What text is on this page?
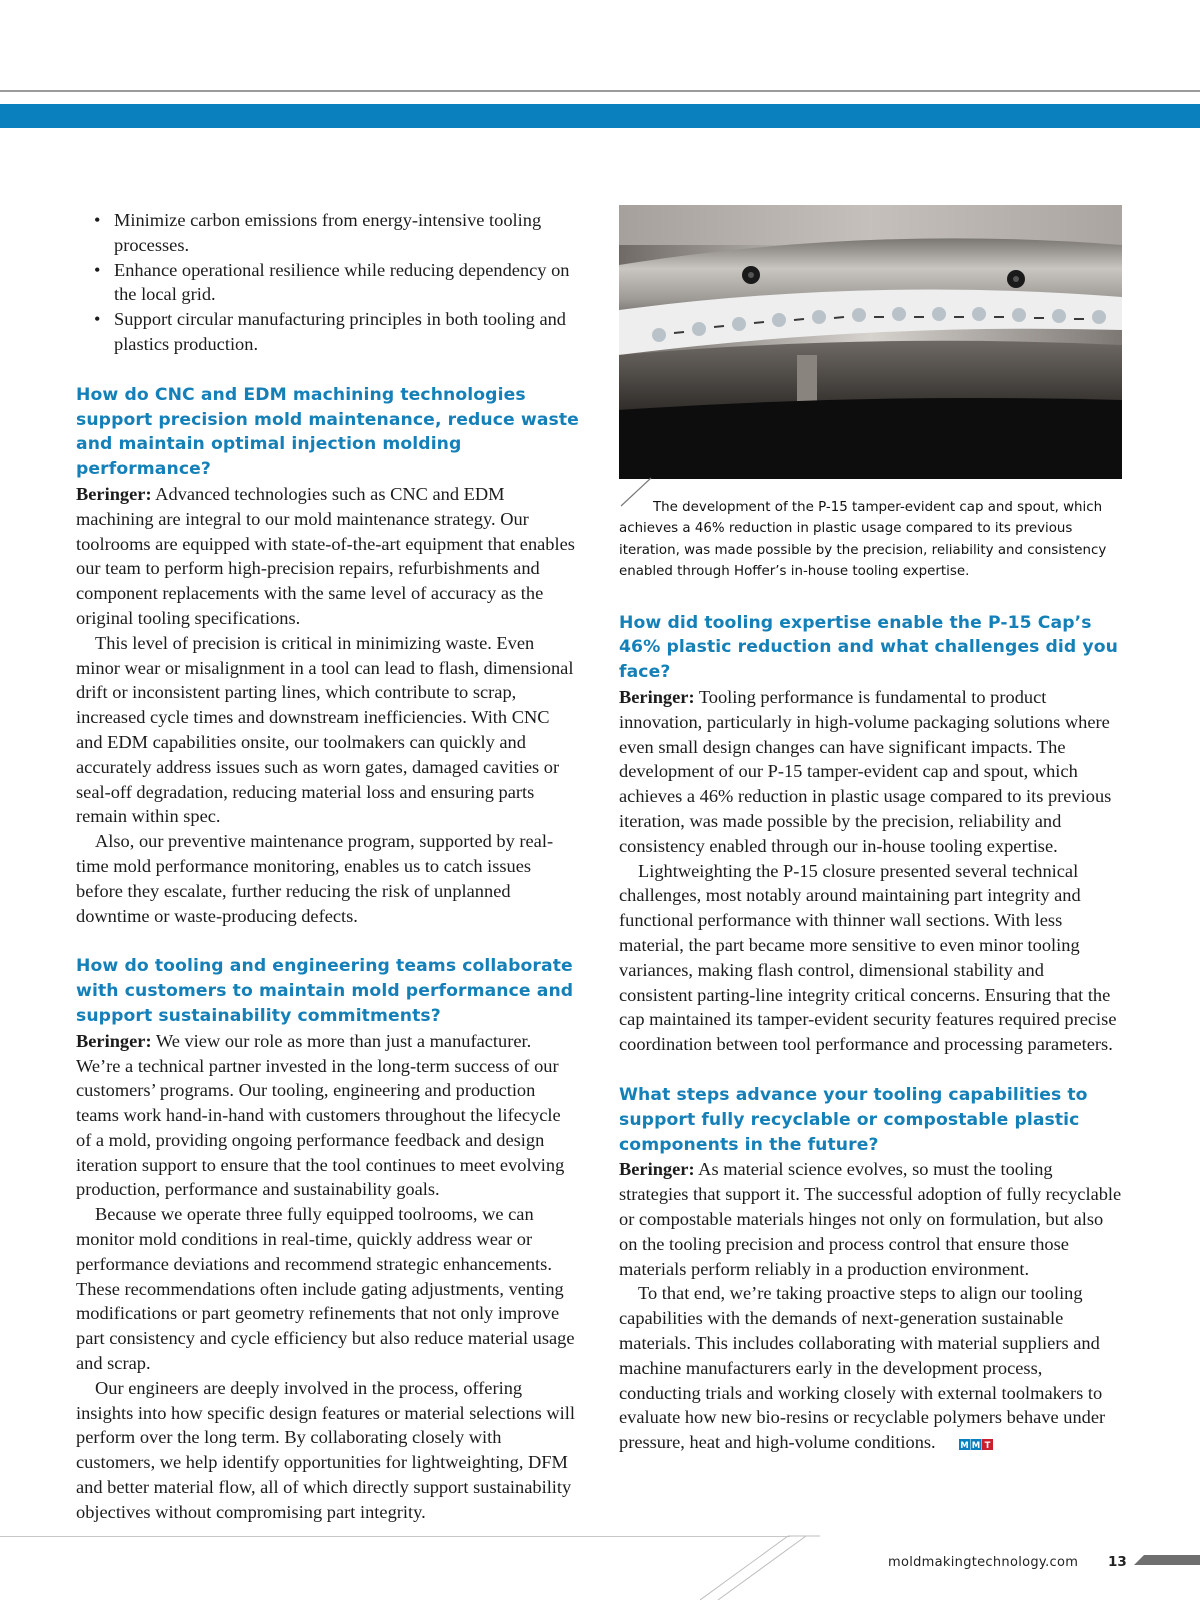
• Minimize carbon emissions from energy-intensive tooling processes.
• Enhance operational resilience while reducing dependency on the local grid.
• Support circular manufacturing principles in both tooling and plastics production.
How do CNC and EDM machining technologies support precision mold maintenance, reduce waste and maintain optimal injection molding performance?

Beringer: Advanced technologies such as CNC and EDM machining are integral to our mold maintenance strategy. Our toolrooms are equipped with state-of-the-art equipment that enables our team to perform high-precision repairs, refurbishments and component replacements with the same level of accuracy as the original tooling specifications.

This level of precision is critical in minimizing waste. Even minor wear or misalignment in a tool can lead to flash, dimensional drift or inconsistent parting lines, which contribute to scrap, increased cycle times and downstream inefficiencies. With CNC and EDM capabilities onsite, our toolmakers can quickly and accurately address issues such as worn gates, damaged cavities or seal-off degradation, reducing material loss and ensuring parts remain within spec.

Also, our preventive maintenance program, supported by real-time mold performance monitoring, enables us to catch issues before they escalate, further reducing the risk of unplanned downtime or waste-producing defects.

How do tooling and engineering teams collaborate with customers to maintain mold performance and support sustainability commitments?

Beringer: We view our role as more than just a manufacturer. We’re a technical partner invested in the long-term success of our customers’ programs. Our tooling, engineering and production teams work hand-in-hand with customers throughout the lifecycle of a mold, providing ongoing performance feedback and design iteration support to ensure that the tool continues to meet evolving production, performance and sustainability goals.

Because we operate three fully equipped toolrooms, we can monitor mold conditions in real-time, quickly address wear or performance deviations and recommend strategic enhancements. These recommendations often include gating adjustments, venting modifications or part geometry refinements that not only improve part consistency and cycle efficiency but also reduce material usage and scrap.

Our engineers are deeply involved in the process, offering insights into how specific design features or material selections will perform over the long term. By collaborating closely with customers, we help identify opportunities for lightweighting, DFM and better material flow, all of which directly support sustainability objectives without compromising part integrity.

The development of the P-15 tamper-evident cap and spout, which achieves a 46% reduction in plastic usage compared to its previous iteration, was made possible by the precision, reliability and consistency enabled through Hoffer’s in-house tooling expertise.

How did tooling expertise enable the P-15 Cap’s 46% plastic reduction and what challenges did you face?

Beringer: Tooling performance is fundamental to product innovation, particularly in high-volume packaging solutions where even small design changes can have significant impacts. The development of our P-15 tamper-evident cap and spout, which achieves a 46% reduction in plastic usage compared to its previous iteration, was made possible by the precision, reliability and consistency enabled through our in-house tooling expertise.

Lightweighting the P-15 closure presented several technical challenges, most notably around maintaining part integrity and functional performance with thinner wall sections. With less material, the part became more sensitive to even minor tooling variances, making flash control, dimensional stability and consistent parting-line integrity critical concerns. Ensuring that the cap maintained its tamper-evident security features required precise coordination between tool performance and processing parameters.

What steps advance your tooling capabilities to support fully recyclable or compostable plastic components in the future?

Beringer: As material science evolves, so must the tooling strategies that support it. The successful adoption of fully recyclable or compostable materials hinges not only on formulation, but also on the tooling precision and process control that ensure those materials perform reliably in a production environment.

To that end, we’re taking proactive steps to align our tooling capabilities with the demands of next-generation sustainable materials. This includes collaborating with material suppliers and machine manufacturers early in the development process, conducting trials and working closely with external toolmakers to evaluate how new bio-resins or recyclable polymers behave under pressure, heat and high-volume conditions.	M M T

moldmakingtechnology.com 13
